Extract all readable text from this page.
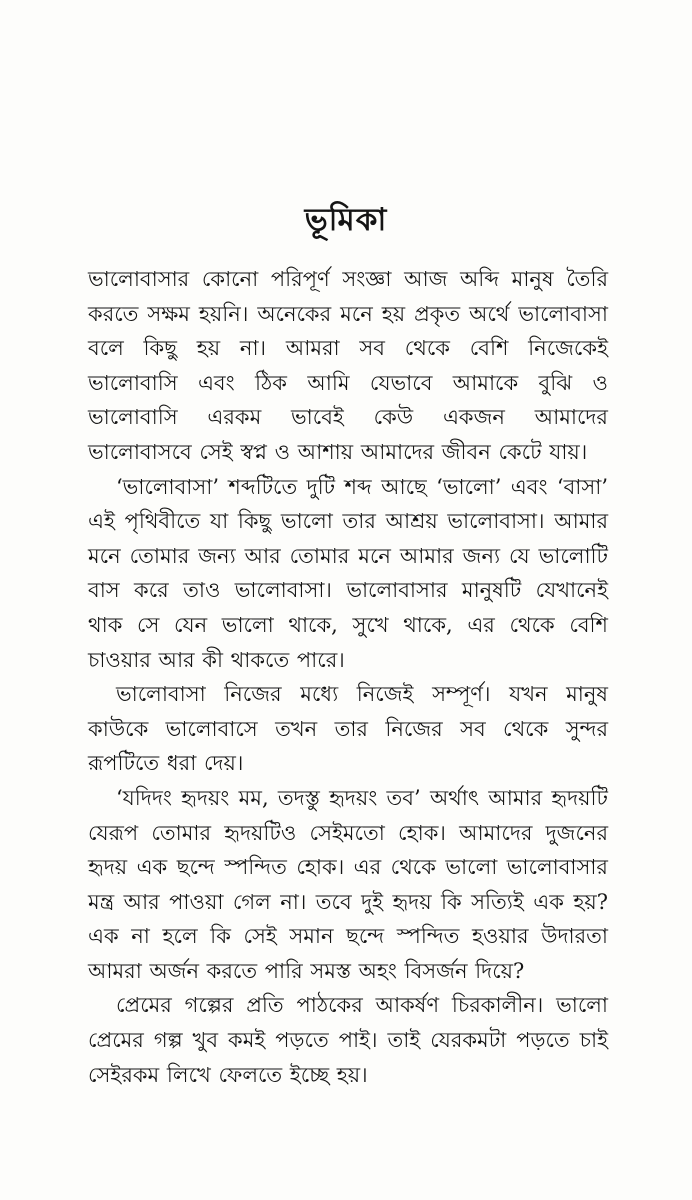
ভূমিকা

ভালোবাসার কোনো পরিপূর্ণ সংজ্ঞা আজ অব্দি মানুষ তৈরি করতে সক্ষম হয়নি। অনেকের মনে হয় প্রকৃত অর্থে ভালোবাসা বলে কিছু হয় না। আমরা সব থেকে বেশি নিজেকেই ভালোবাসি এবং ঠিক আমি যেভাবে আমাকে বুঝি ও ভালোবাসি এরকম ভাবেই কেউ একজন আমাদের ভালোবাসবে সেই স্বপ্ন ও আশায় আমাদের জীবন কেটে যায়।

‘ভালোবাসা’ শব্দটিতে দুটি শব্দ আছে ‘ভালো’ এবং ‘বাসা’ এই পৃথিবীতে যা কিছু ভালো তার আশ্রয় ভালোবাসা। আমার মনে তোমার জন্য আর তোমার মনে আমার জন্য যে ভালোটি বাস করে তাও ভালোবাসা। ভালোবাসার মানুষটি যেখানেই থাক সে যেন ভালো থাকে, সুখে থাকে, এর থেকে বেশি চাওয়ার আর কী থাকতে পারে।

ভালোবাসা নিজের মধ্যে নিজেই সম্পূর্ণ। যখন মানুষ কাউকে ভালোবাসে তখন তার নিজের সব থেকে সুন্দর রূপটিতে ধরা দেয়।

‘যদিদং হৃদয়ং মম, তদস্তু হৃদয়ং তব’ অর্থাৎ আমার হৃদয়টি যেরূপ তোমার হৃদয়টিও সেইমতো হোক। আমাদের দুজনের হৃদয় এক ছন্দে স্পন্দিত হোক। এর থেকে ভালো ভালোবাসার মন্ত্র আর পাওয়া গেল না। তবে দুই হৃদয় কি সত্যিই এক হয়? এক না হলে কি সেই সমান ছন্দে স্পন্দিত হওয়ার উদারতা আমরা অর্জন করতে পারি সমস্ত অহং বিসর্জন দিয়ে?

প্রেমের গল্পের প্রতি পাঠকের আকর্ষণ চিরকালীন। ভালো প্রেমের গল্প খুব কমই পড়তে পাই। তাই যেরকমটা পড়তে চাই সেইরকম লিখে ফেলতে ইচ্ছে হয়।
